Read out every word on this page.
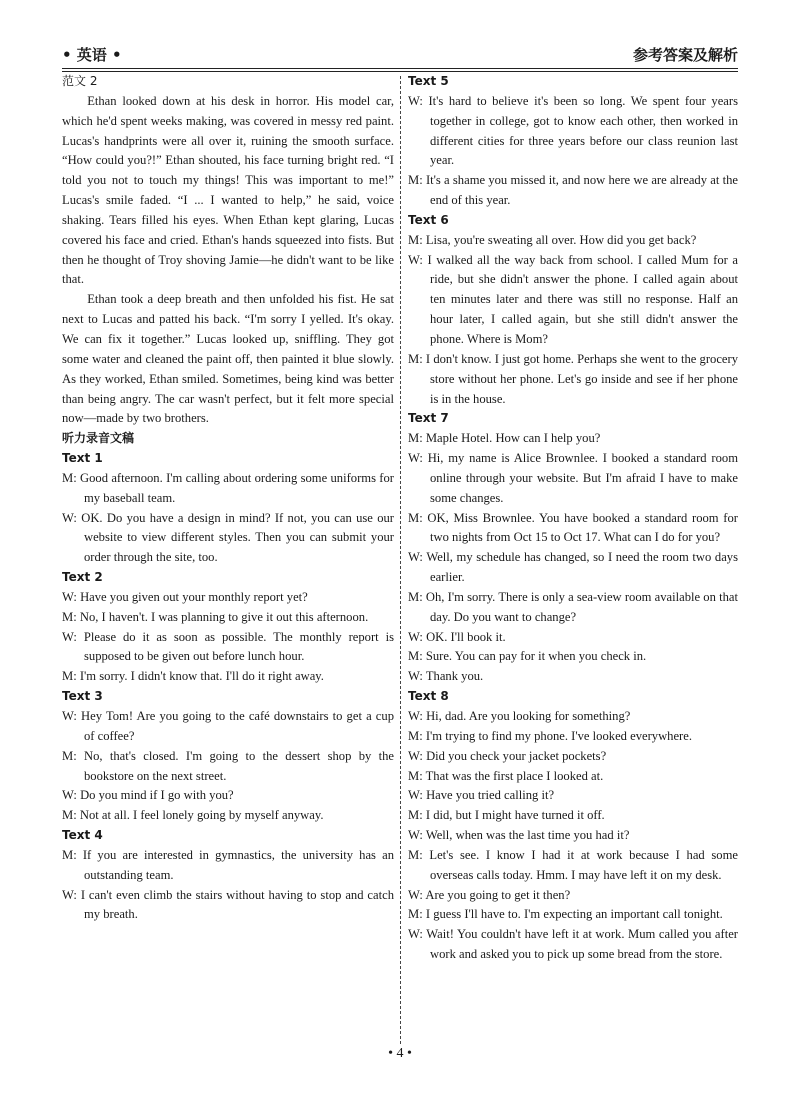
• 英语 •	参考答案及解析

范文 2

Ethan looked down at his desk in horror. His model car, which he'd spent weeks making, was covered in messy red paint. Lucas's handprints were all over it, ruining the smooth surface. “How could you?!” Ethan shouted, his face turning bright red. “I told you not to touch my things! This was important to me!” Lucas's smile faded. “I ... I wanted to help,” he said, voice shaking. Tears filled his eyes. When Ethan kept glaring, Lucas covered his face and cried. Ethan's hands squeezed into fists. But then he thought of Troy shoving Jamie—he didn't want to be like that.

Ethan took a deep breath and then unfolded his fist. He sat next to Lucas and patted his back. “I'm sorry I yelled. It's okay. We can fix it together.” Lucas looked up, sniffling. They got some water and cleaned the paint off, then painted it blue slowly. As they worked, Ethan smiled. Sometimes, being kind was better than being angry. The car wasn't perfect, but it felt more special now—made by two brothers.

听力录音文稿

Text 1

M: Good afternoon. I'm calling about ordering some uniforms for my baseball team.

W: OK. Do you have a design in mind? If not, you can use our website to view different styles. Then you can submit your order through the site, too.

Text 2

W: Have you given out your monthly report yet?

M: No, I haven't. I was planning to give it out this afternoon.

W: Please do it as soon as possible. The monthly report is supposed to be given out before lunch hour.

M: I'm sorry. I didn't know that. I'll do it right away.

Text 3

W: Hey Tom! Are you going to the café downstairs to get a cup of coffee?

M: No, that's closed. I'm going to the dessert shop by the bookstore on the next street.

W: Do you mind if I go with you?

M: Not at all. I feel lonely going by myself anyway.

Text 4

M: If you are interested in gymnastics, the university has an outstanding team.

W: I can't even climb the stairs without having to stop and catch my breath.

Text 5

W: It's hard to believe it's been so long. We spent four years together in college, got to know each other, then worked in different cities for three years before our class reunion last year.

M: It's a shame you missed it, and now here we are already at the end of this year.

Text 6

M: Lisa, you're sweating all over. How did you get back?

W: I walked all the way back from school. I called Mum for a ride, but she didn't answer the phone. I called again about ten minutes later and there was still no response. Half an hour later, I called again, but she still didn't answer the phone. Where is Mom?

M: I don't know. I just got home. Perhaps she went to the grocery store without her phone. Let's go inside and see if her phone is in the house.

Text 7

M: Maple Hotel. How can I help you?

W: Hi, my name is Alice Brownlee. I booked a standard room online through your website. But I'm afraid I have to make some changes.

M: OK, Miss Brownlee. You have booked a standard room for two nights from Oct 15 to Oct 17. What can I do for you?

W: Well, my schedule has changed, so I need the room two days earlier.

M: Oh, I'm sorry. There is only a sea-view room available on that day. Do you want to change?

W: OK. I'll book it.

M: Sure. You can pay for it when you check in.

W: Thank you.

Text 8

W: Hi, dad. Are you looking for something?

M: I'm trying to find my phone. I've looked everywhere.

W: Did you check your jacket pockets?

M: That was the first place I looked at.

W: Have you tried calling it?

M: I did, but I might have turned it off.

W: Well, when was the last time you had it?

M: Let's see. I know I had it at work because I had some overseas calls today. Hmm. I may have left it on my desk.

W: Are you going to get it then?

M: I guess I'll have to. I'm expecting an important call tonight.

W: Wait! You couldn't have left it at work. Mum called you after work and asked you to pick up some bread from the store.

• 4 •
